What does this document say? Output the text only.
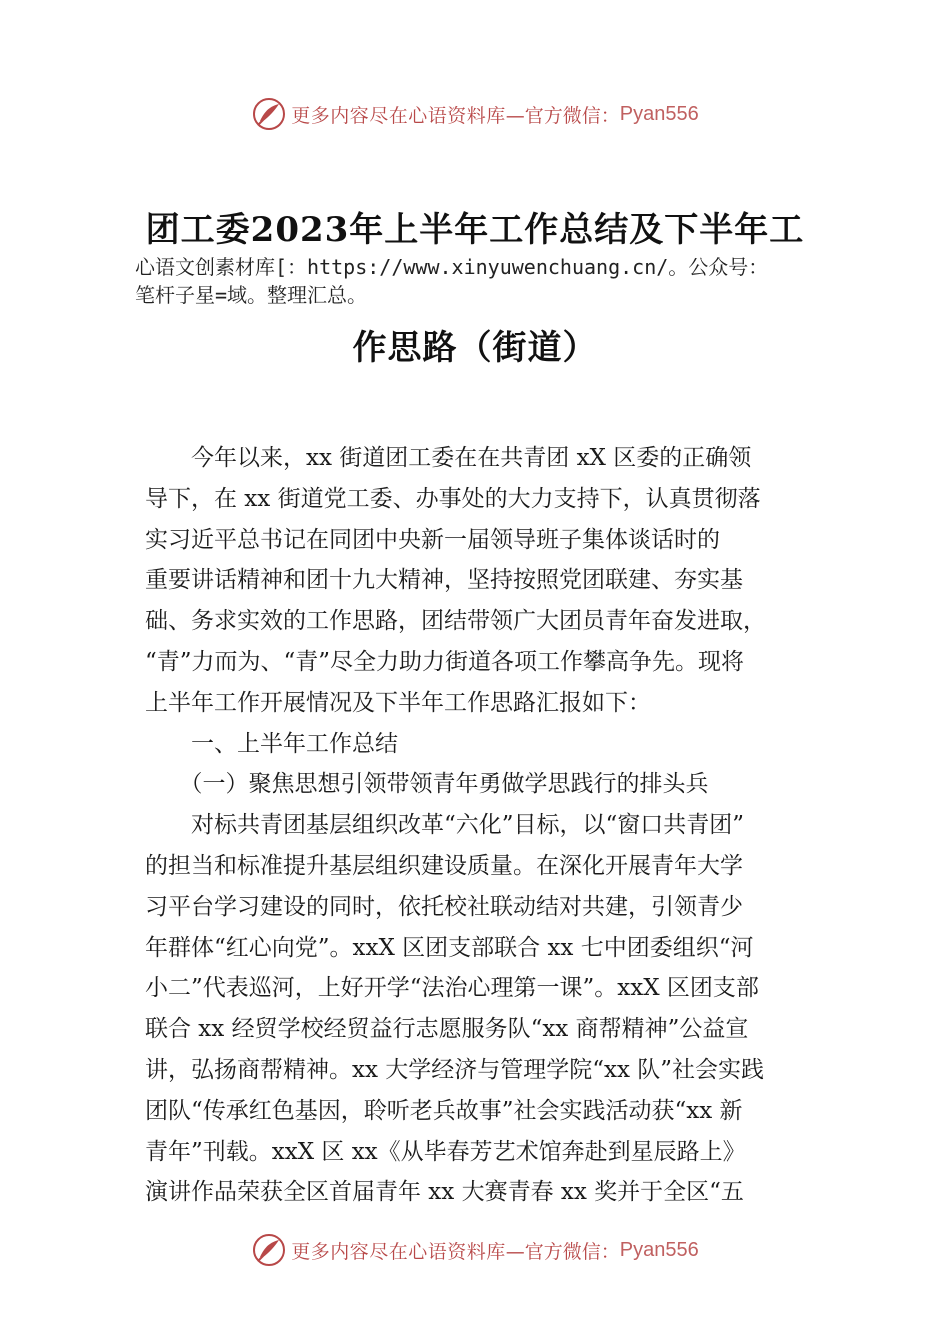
更多内容尽在心语资料库 —官方微信： Pyan556
团工委2023年上半年工作总结及下半年工
心语文创素材库[：https://www.xinyuwenchuang.cn/。公众号：
笔杆子星=域。整理汇总。
作思路（街道）
　　今年以来，xx 街道团工委在在共青团 xX 区委的正确领
导下，在 xx 街道党工委、办事处的大力支持下，认真贯彻落
实习近平总书记在同团中央新一届领导班子集体谈话时的
重要讲话精神和团十九大精神，坚持按照党团联建、夯实基
础、务求实效的工作思路，团结带领广大团员青年奋发进取，
“青”力而为、“青”尽全力助力街道各项工作攀高争先。现将
上半年工作开展情况及下半年工作思路汇报如下：
　　一、上半年工作总结
　　（一）聚焦思想引领带领青年勇做学思践行的排头兵
　　对标共青团基层组织改革“六化”目标，以“窗口共青团”
的担当和标准提升基层组织建设质量。在深化开展青年大学
习平台学习建设的同时，依托校社联动结对共建，引领青少
年群体“红心向党”。xxX 区团支部联合 xx 七中团委组织“河
小二”代表巡河，上好开学“法治心理第一课”。xxX 区团支部
联合 xx 经贸学校经贸益行志愿服务队“xx 商帮精神”公益宣
讲，弘扬商帮精神。xx 大学经济与管理学院“xx 队”社会实践
团队“传承红色基因，聆听老兵故事”社会实践活动获“xx 新
青年”刊载。xxX 区 xx《从毕春芳艺术馆奔赴到星辰路上》
演讲作品荣获全区首届青年 xx 大赛青春 xx 奖并于全区“五
更多内容尽在心语资料库 —官方微信： Pyan556
